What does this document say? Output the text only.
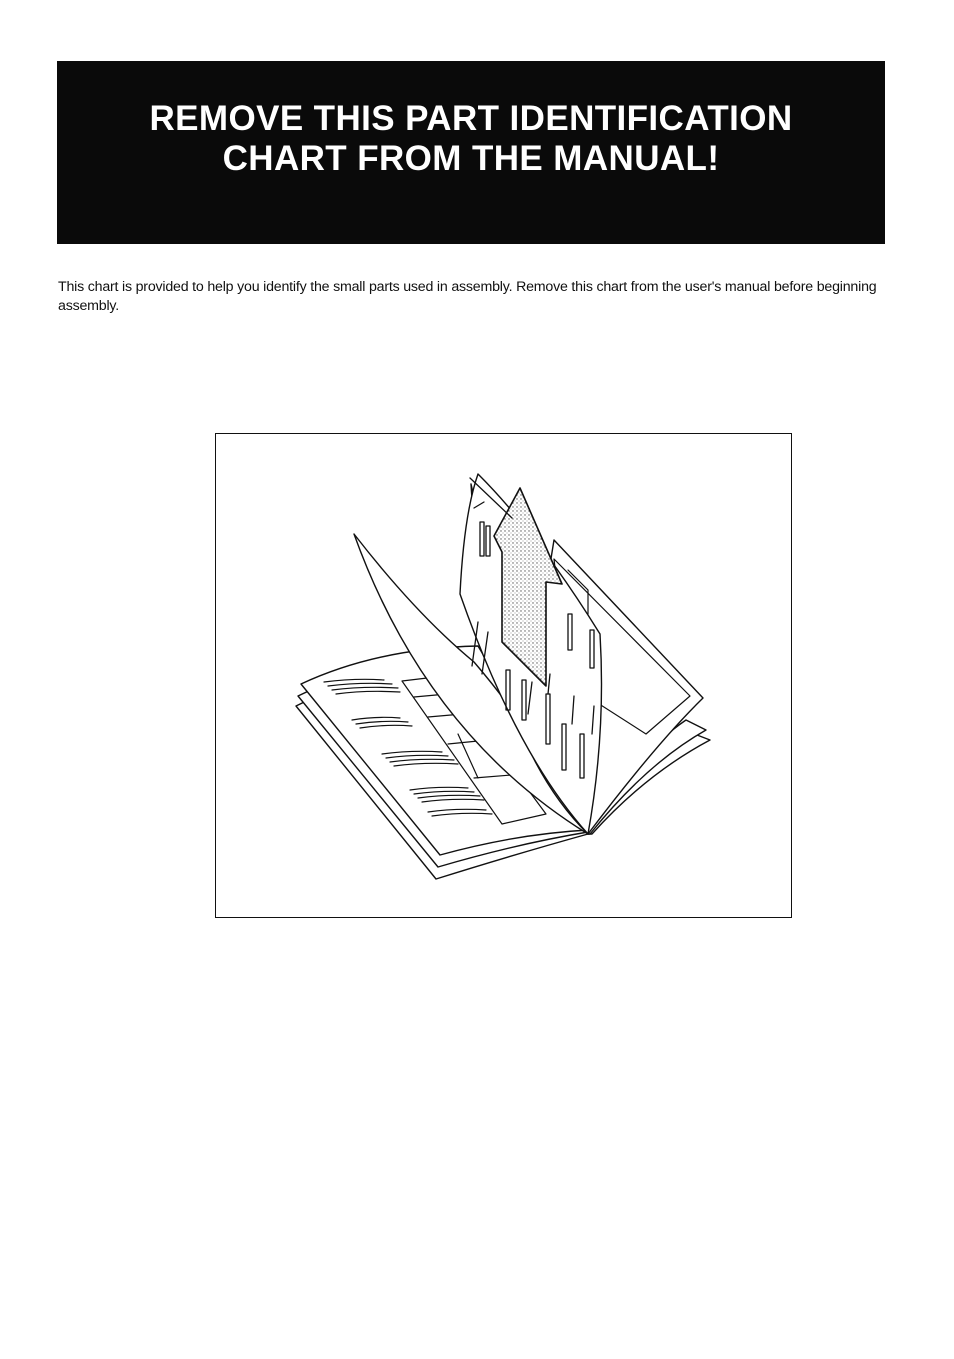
REMOVE THIS PART IDENTIFICATION
CHART FROM THE MANUAL!
This chart is provided to help you identify the small parts used in assembly. Remove this chart from the user's manual before beginning assembly.
